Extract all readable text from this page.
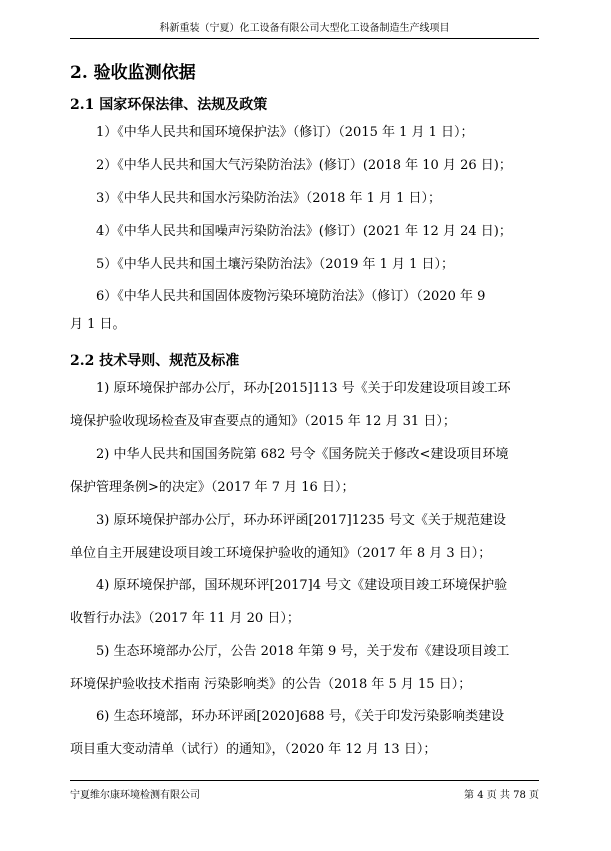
科新重装（宁夏）化工设备有限公司大型化工设备制造生产线项目
2. 验收监测依据
2.1 国家环保法律、法规及政策
1）《中华人民共和国环境保护法》（修订）（2015 年 1 月 1 日）；
2）《中华人民共和国大气污染防治法》(修订）(2018 年 10 月 26 日)；
3）《中华人民共和国水污染防治法》（2018 年 1 月 1 日）；
4）《中华人民共和国噪声污染防治法》(修订）(2021 年 12 月 24 日)；
5）《中华人民共和国土壤污染防治法》（2019 年 1 月 1 日）；
6）《中华人民共和国固体废物污染环境防治法》（修订）（2020 年 9
月 1 日。
2.2 技术导则、规范及标准
1) 原环境保护部办公厅，环办[2015]113 号《关于印发建设项目竣工环
境保护验收现场检查及审查要点的通知》（2015 年 12 月 31 日）；
2) 中华人民共和国国务院第 682 号令《国务院关于修改<建设项目环境
保护管理条例>的决定》（2017 年 7 月 16 日）；
3) 原环境保护部办公厅，环办环评函[2017]1235 号文《关于规范建设
单位自主开展建设项目竣工环境保护验收的通知》（2017 年 8 月 3 日）；
4) 原环境保护部，国环规环评[2017]4 号文《建设项目竣工环境保护验
收暂行办法》（2017 年 11 月 20 日）；
5) 生态环境部办公厅，公告 2018 年第 9 号，关于发布《建设项目竣工
环境保护验收技术指南 污染影响类》的公告（2018 年 5 月 15 日）；
6) 生态环境部，环办环评函[2020]688 号，《关于印发污染影响类建设
项目重大变动清单（试行）的通知》，（2020 年 12 月 13 日）；
宁夏维尔康环境检测有限公司	第 4 页 共 78 页
